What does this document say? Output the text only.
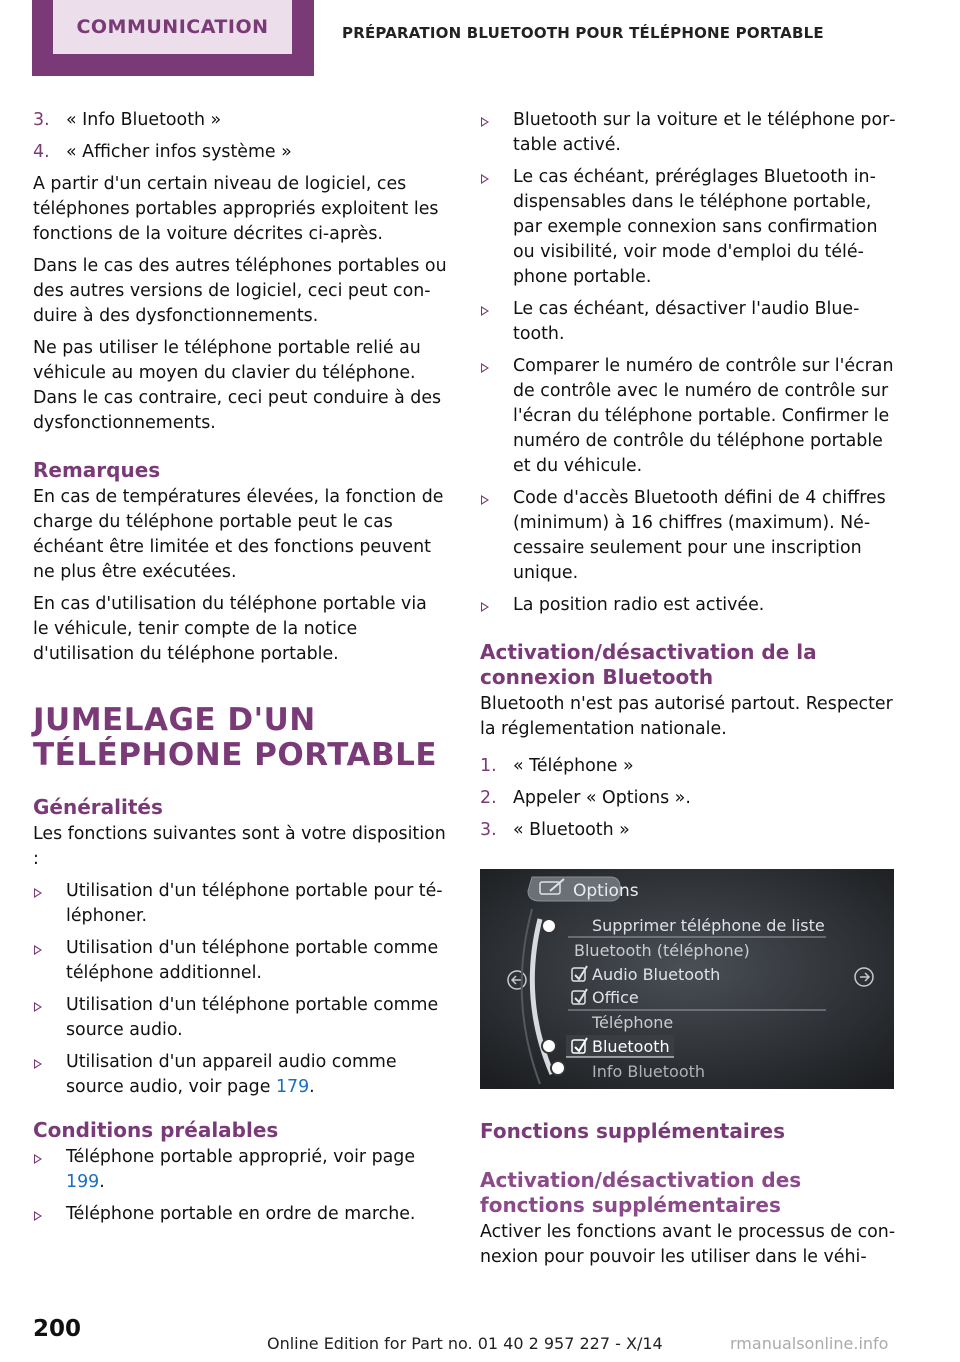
COMMUNICATION	PRÉPARATION BLUETOOTH POUR TÉLÉPHONE PORTABLE
3. « Info Bluetooth »
4. « Afficher infos système »

A partir d'un certain niveau de logiciel, ces téléphones portables appropriés exploitent les fonctions de la voiture décrites ci-après.

Dans le cas des autres téléphones portables ou des autres versions de logiciel, ceci peut conduire à des dysfonctionnements.

Ne pas utiliser le téléphone portable relié au véhicule au moyen du clavier du téléphone. Dans le cas contraire, ceci peut conduire à des dysfonctionnements.

Remarques

En cas de températures élevées, la fonction de charge du téléphone portable peut le cas échéant être limitée et des fonctions peuvent ne plus être exécutées.

En cas d'utilisation du téléphone portable via le véhicule, tenir compte de la notice d'utilisation du téléphone portable.

JUMELAGE D'UN TÉLÉPHONE PORTABLE
Généralités

Les fonctions suivantes sont à votre disposition :

Utilisation d'un téléphone portable pour téléphoner.
Utilisation d'un téléphone portable comme téléphone additionnel.
Utilisation d'un téléphone portable comme source audio.
Utilisation d'un appareil audio comme source audio, voir page 179.
Conditions préalables
Téléphone portable approprié, voir page 199.
Téléphone portable en ordre de marche.
Bluetooth sur la voiture et le téléphone portable activé.
Le cas échéant, préréglages Bluetooth indispensables dans le téléphone portable, par exemple connexion sans confirmation ou visibilité, voir mode d'emploi du téléphone portable.
Le cas échéant, désactiver l'audio Bluetooth.
Comparer le numéro de contrôle sur l'écran de contrôle avec le numéro de contrôle sur l'écran du téléphone portable. Confirmer le numéro de contrôle du téléphone portable et du véhicule.
Code d'accès Bluetooth défini de 4 chiffres (minimum) à 16 chiffres (maximum). Nécessaire seulement pour une inscription unique.
La position radio est activée.
Activation/désactivation de la connexion Bluetooth

Bluetooth n'est pas autorisé partout. Respecter la réglementation nationale.

1. « Téléphone »
2. Appeler « Options ».
3. « Bluetooth »
Options
Supprimer téléphone de liste
Bluetooth (téléphone)
Audio Bluetooth
Office
Téléphone
Bluetooth
Info Bluetooth
Fonctions supplémentaires
Activation/désactivation des fonctions supplémentaires

Activer les fonctions avant le processus de connexion pour pouvoir les utiliser dans le véhi-

200
Online Edition for Part no. 01 40 2 957 227 - X/14	rmanualsonline.info
